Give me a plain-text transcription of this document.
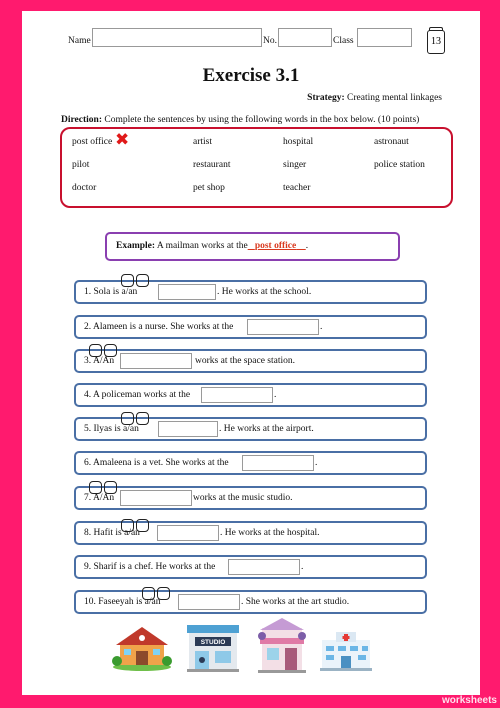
Name	No.	Class	13
Exercise 3.1
Strategy: Creating mental linkages
Direction: Complete the sentences by using the following words in the box below. (10 points)
post office ✖	artist	hospital	astronaut
pilot	restaurant	singer	police station
doctor	pet shop	teacher
Example: A mailman works at the post office .
1. Sola is a/an	. He works at the school.
2. Alameen is a nurse. She works at the	.
3. A/An	works at the space station.
4. A policeman works at the	.
5. Ilyas is a/an	. He works at the airport.
6. Amaleena is a vet. She works at the	.
7. A/An	works at the music studio.
8. Hafit is a/an	. He works at the hospital.
9. Sharif is a chef. He works at the	.
10. Faseeyah is a/an	. She works at the art studio.
STUDIO
worksheets
